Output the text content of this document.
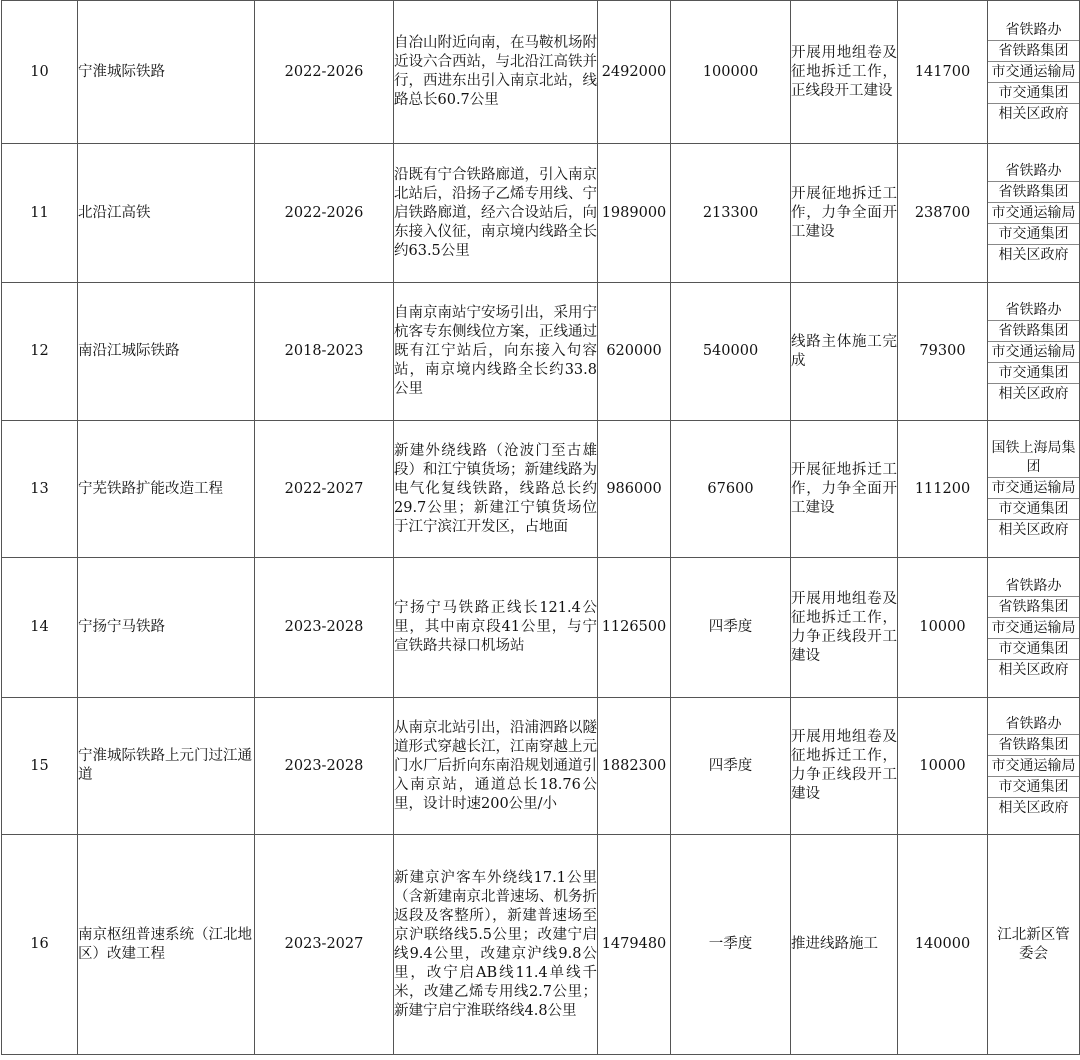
10	宁淮城际铁路	2022-2026	自冶山附近向南，在马鞍机场附近设六合西站，与北沿江高铁并行，西进东出引入南京北站，线路总长60.7公里	2492000	100000	开展用地组卷及征地拆迁工作，正线段开工建设	141700	省铁路办
省铁路集团
市交通运输局
市交通集团
相关区政府

11	北沿江高铁	2022-2026	沿既有宁合铁路廊道，引入南京北站后，沿扬子乙烯专用线、宁启铁路廊道，经六合设站后，向东接入仪征，南京境内线路全长约63.5公里	1989000	213300	开展征地拆迁工作，力争全面开工建设	238700	省铁路办
省铁路集团
市交通运输局
市交通集团
相关区政府

12	南沿江城际铁路	2018-2023	自南京南站宁安场引出，采用宁杭客专东侧线位方案，正线通过既有江宁站后，向东接入句容站，南京境内线路全长约33.8公里	620000	540000	线路主体施工完成	79300	省铁路办
省铁路集团
市交通运输局
市交通集团
相关区政府

13	宁芜铁路扩能改造工程	2022-2027	新建外绕线路（沧波门至古雄段）和江宁镇货场；新建线路为电气化复线铁路，线路总长约29.7公里；新建江宁镇货场位于江宁滨江开发区，占地面	986000	67600	开展征地拆迁工作，力争全面开工建设	111200	国铁上海局集团
市交通运输局
市交通集团
相关区政府

14	宁扬宁马铁路	2023-2028	宁扬宁马铁路正线长121.4公里，其中南京段41公里，与宁宣铁路共禄口机场站	1126500	四季度	开展用地组卷及征地拆迁工作，力争正线段开工建设	10000	省铁路办
省铁路集团
市交通运输局
市交通集团
相关区政府

15	宁淮城际铁路上元门过江通道	2023-2028	从南京北站引出，沿浦泗路以隧道形式穿越长江，江南穿越上元门水厂后折向东南沿规划通道引入南京站，通道总长18.76公里，设计时速200公里/小	1882300	四季度	开展用地组卷及征地拆迁工作，力争正线段开工建设	10000	省铁路办
省铁路集团
市交通运输局
市交通集团
相关区政府

16	南京枢纽普速系统（江北地区）改建工程	2023-2027	新建京沪客车外绕线17.1公里（含新建南京北普速场、机务折返段及客整所），新建普速场至京沪联络线5.5公里；改建宁启线9.4公里，改建京沪线9.8公里，改宁启AB线11.4单线千米，改建乙烯专用线2.7公里；新建宁启宁淮联络线4.8公里	1479480	一季度	推进线路施工	140000	江北新区管委会
